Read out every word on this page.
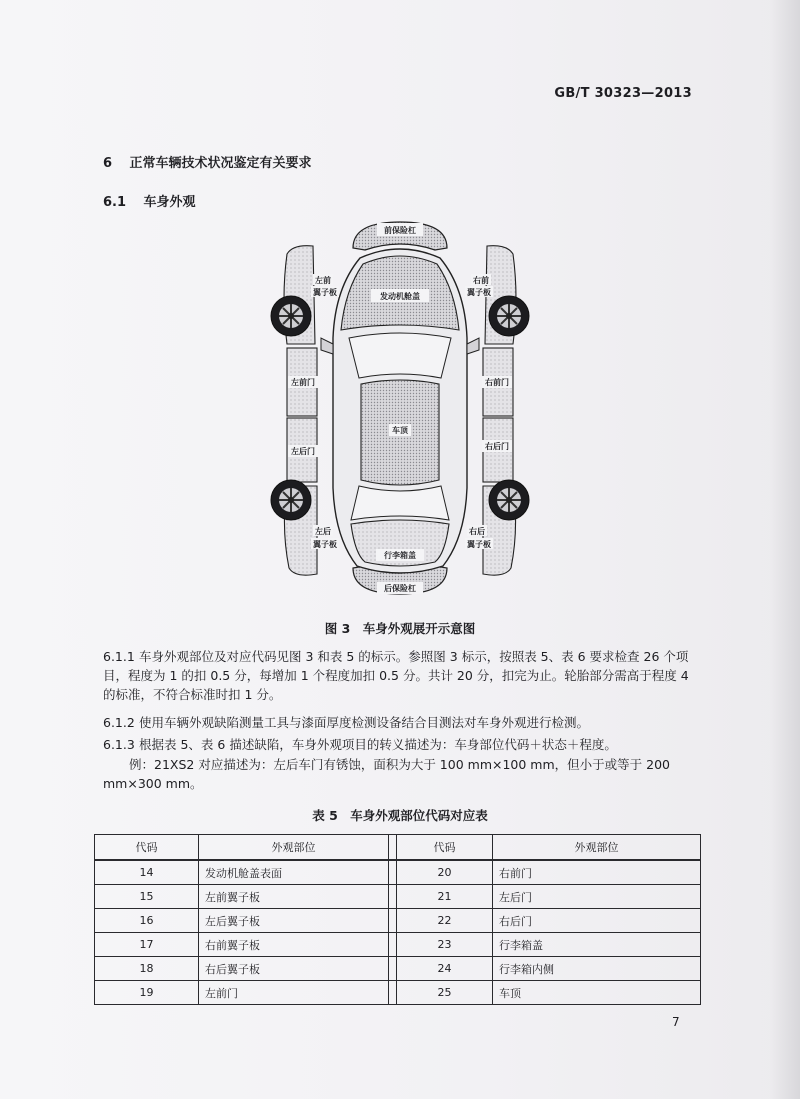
GB/T 30323—2013
6 正常车辆技术状况鉴定有关要求
6.1 车身外观
前保险杠
发动机舱盖
左前
翼子板
右前
翼子板
左前门	右前门
车顶
左后门
右后门
左后
翼子板
右后
翼子板
行李箱盖
后保险杠
图 3　车身外观展开示意图
6.1.1 车身外观部位及对应代码见图 3 和表 5 的标示。参照图 3 标示，按照表 5、表 6 要求检查 26 个项目，程度为 1 的扣 0.5 分，每增加 1 个程度加扣 0.5 分。共计 20 分，扣完为止。轮胎部分需高于程度 4 的标准，不符合标准时扣 1 分。
6.1.2 使用车辆外观缺陷测量工具与漆面厚度检测设备结合目测法对车身外观进行检测。
6.1.3 根据表 5、表 6 描述缺陷，车身外观项目的转义描述为：车身部位代码＋状态＋程度。
例：21XS2 对应描述为：左后车门有锈蚀，面积为大于 100 mm×100 mm，但小于或等于 200 mm×300 mm。
表 5　车身外观部位代码对应表
代码	外观部位		代码	外观部位
14	发动机舱盖表面		20	右前门
15	左前翼子板		21	左后门
16	左后翼子板		22	右后门
17	右前翼子板		23	行李箱盖
18	右后翼子板		24	行李箱内侧
19	左前门		25	车顶
7
